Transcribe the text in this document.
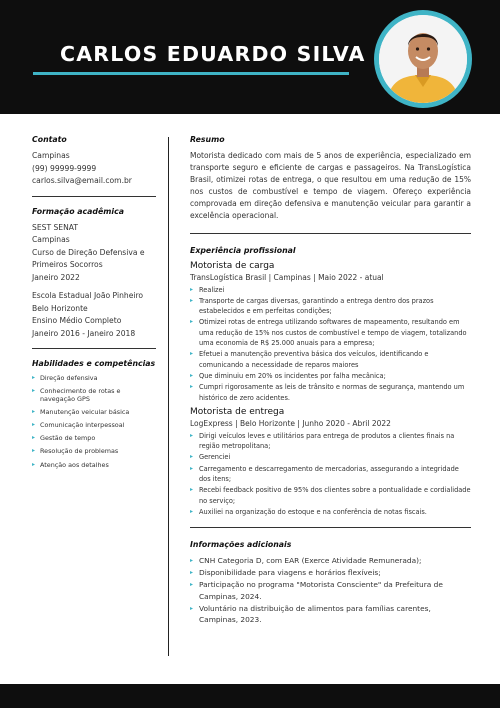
CARLOS EDUARDO SILVA
Contato
Campinas
(99) 99999-9999
carlos.silva@email.com.br
Formação acadêmica
SEST SENAT
Campinas
Curso de Direção Defensiva e Primeiros Socorros
Janeiro 2022
Escola Estadual João Pinheiro
Belo Horizonte
Ensino Médio Completo
Janeiro 2016 - Janeiro 2018
Habilidades e competências
▸ Direção defensiva
▸ Conhecimento de rotas e navegação GPS
▸ Manutenção veicular básica
▸ Comunicação interpessoal
▸ Gestão de tempo
▸ Resolução de problemas
▸ Atenção aos detalhes
Resumo
Motorista dedicado com mais de 5 anos de experiência, especializado em transporte seguro e eficiente de cargas e passageiros. Na TransLogística Brasil, otimizei rotas de entrega, o que resultou em uma redução de 15% nos custos de combustível e tempo de viagem. Ofereço experiência comprovada em direção defensiva e manutenção veicular para garantir a excelência operacional.
Experiência profissional
Motorista de carga
TransLogística Brasil | Campinas | Maio 2022 - atual
▸ Realizei
▸ Transporte de cargas diversas, garantindo a entrega dentro dos prazos estabelecidos e em perfeitas condições;
▸ Otimizei rotas de entrega utilizando softwares de mapeamento, resultando em uma redução de 15% nos custos de combustível e tempo de viagem, totalizando uma economia de R$ 25.000 anuais para a empresa;
▸ Efetuei a manutenção preventiva básica dos veículos, identificando e comunicando a necessidade de reparos maiores
▸ Que diminuiu em 20% os incidentes por falha mecânica;
▸ Cumpri rigorosamente as leis de trânsito e normas de segurança, mantendo um histórico de zero acidentes.
Motorista de entrega
LogExpress | Belo Horizonte | Junho 2020 - Abril 2022
▸ Dirigi veículos leves e utilitários para entrega de produtos a clientes finais na região metropolitana;
▸ Gerenciei
▸ Carregamento e descarregamento de mercadorias, assegurando a integridade dos itens;
▸ Recebi feedback positivo de 95% dos clientes sobre a pontualidade e cordialidade no serviço;
▸ Auxiliei na organização do estoque e na conferência de notas fiscais.
Informações adicionais
▸ CNH Categoria D, com EAR (Exerce Atividade Remunerada);
▸ Disponibilidade para viagens e horários flexíveis;
▸ Participação no programa "Motorista Consciente" da Prefeitura de Campinas, 2024.
▸ Voluntário na distribuição de alimentos para famílias carentes, Campinas, 2023.
